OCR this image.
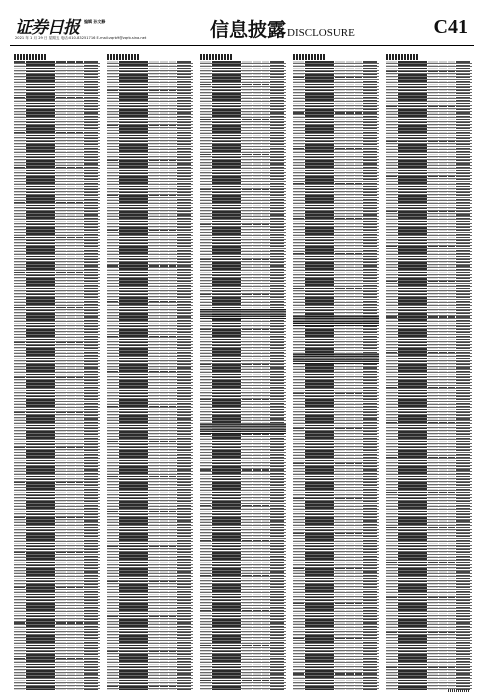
证券日报 编辑 孙文静
2021 年 1 月 29 日 星期五 电话:010-83251716 E-mail:zqrb9@zqrb.sina.net	信息披露DISCLOSURE	C41
